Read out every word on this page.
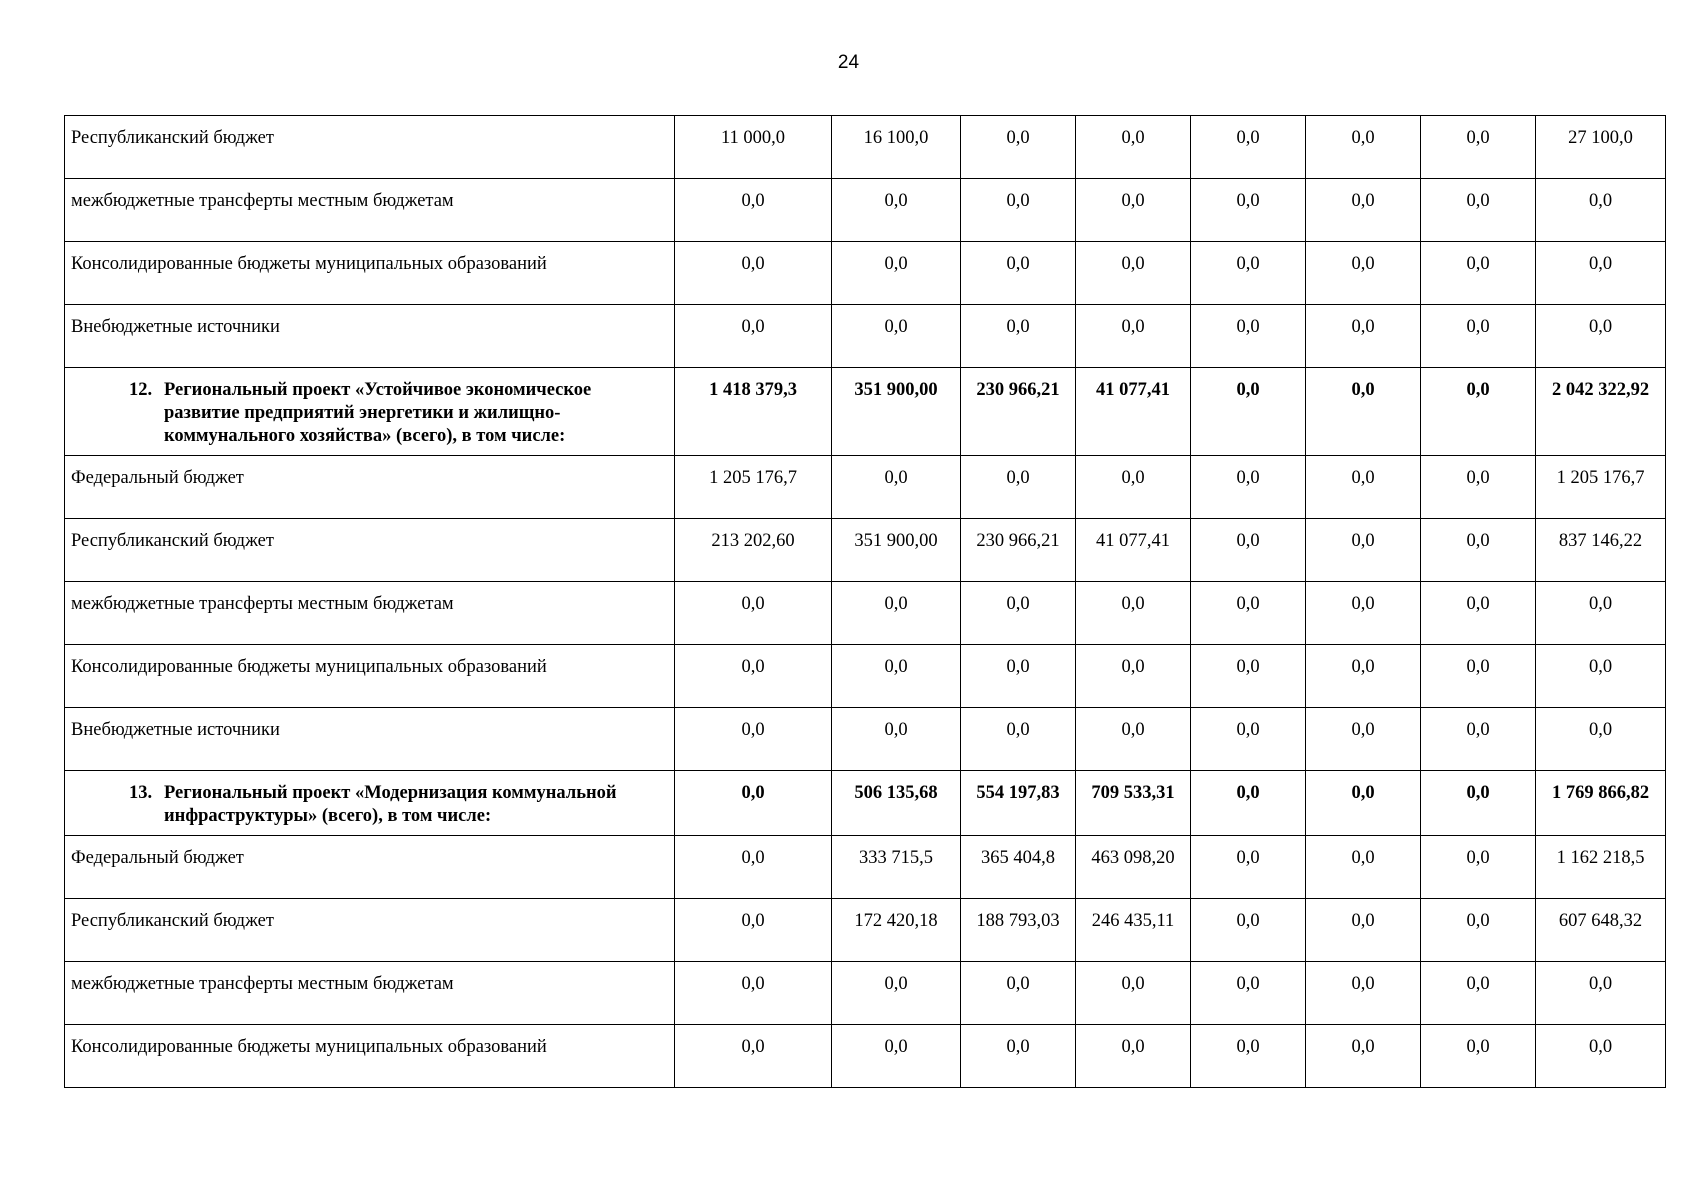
24
Республиканский бюджет	11 000,0	16 100,0	0,0	0,0	0,0	0,0	0,0	27 100,0
межбюджетные трансферты местным бюджетам	0,0	0,0	0,0	0,0	0,0	0,0	0,0	0,0
Консолидированные бюджеты муниципальных образований	0,0	0,0	0,0	0,0	0,0	0,0	0,0	0,0
Внебюджетные источники	0,0	0,0	0,0	0,0	0,0	0,0	0,0	0,0

12. Региональный проект «Устойчивое экономическое развитие предприятий энергетики и жилищно-коммунального хозяйства» (всего), в том числе:	1 418 379,3	351 900,00	230 966,21	41 077,41	0,0	0,0	0,0	2 042 322,92
Федеральный бюджет	1 205 176,7	0,0	0,0	0,0	0,0	0,0	0,0	1 205 176,7
Республиканский бюджет	213 202,60	351 900,00	230 966,21	41 077,41	0,0	0,0	0,0	837 146,22
межбюджетные трансферты местным бюджетам	0,0	0,0	0,0	0,0	0,0	0,0	0,0	0,0
Консолидированные бюджеты муниципальных образований	0,0	0,0	0,0	0,0	0,0	0,0	0,0	0,0
Внебюджетные источники	0,0	0,0	0,0	0,0	0,0	0,0	0,0	0,0

13. Региональный проект «Модернизация коммунальной инфраструктуры» (всего), в том числе:	0,0	506 135,68	554 197,83	709 533,31	0,0	0,0	0,0	1 769 866,82
Федеральный бюджет	0,0	333 715,5	365 404,8	463 098,20	0,0	0,0	0,0	1 162 218,5
Республиканский бюджет	0,0	172 420,18	188 793,03	246 435,11	0,0	0,0	0,0	607 648,32
межбюджетные трансферты местным бюджетам	0,0	0,0	0,0	0,0	0,0	0,0	0,0	0,0
Консолидированные бюджеты муниципальных образований	0,0	0,0	0,0	0,0	0,0	0,0	0,0	0,0
